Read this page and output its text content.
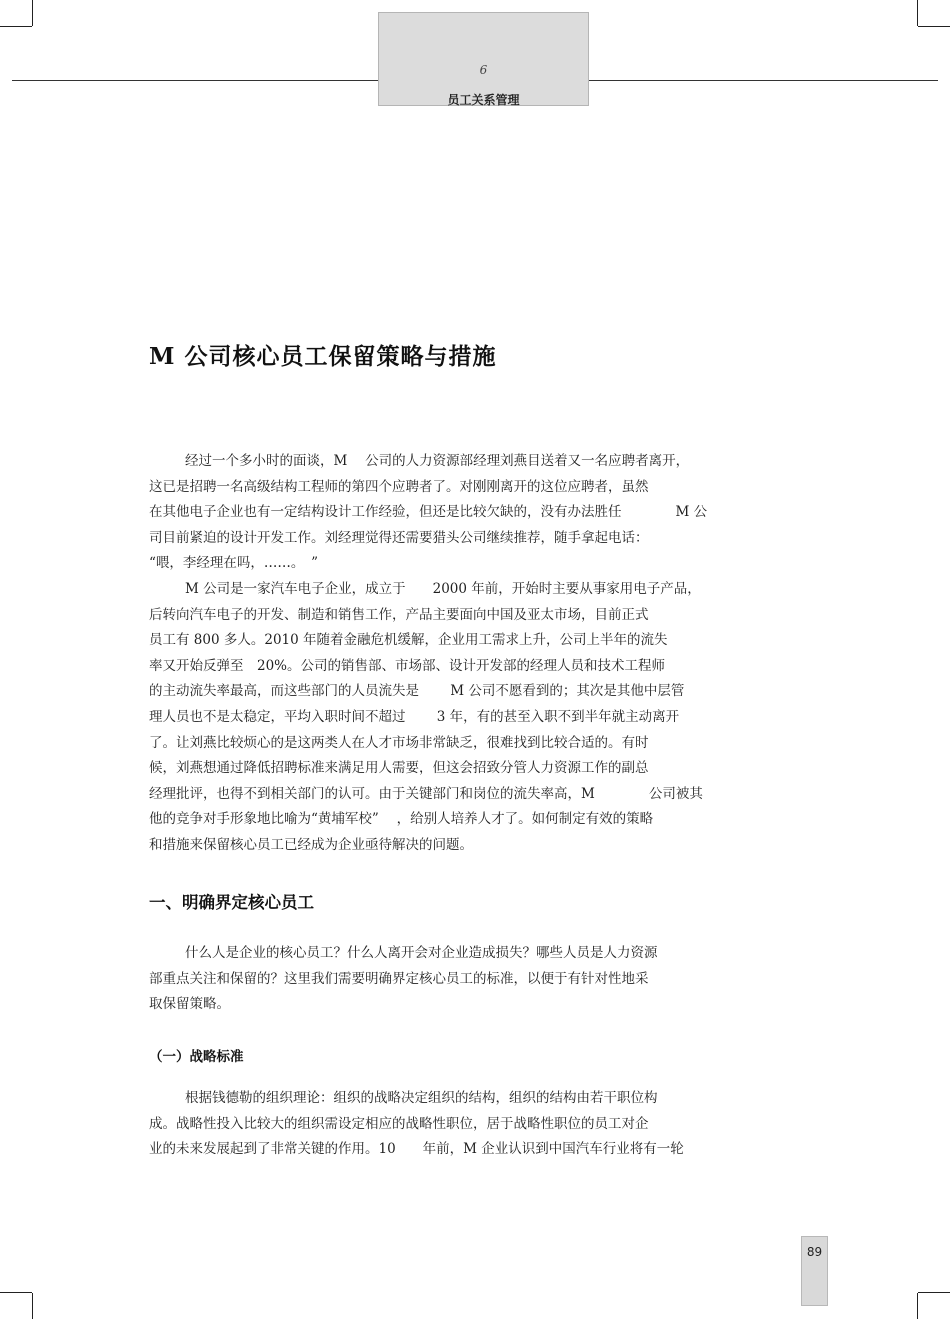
6
员工关系管理
M 公司核心员工保留策略与措施
经过一个多小时的面谈，M　 公司的人力资源部经理刘燕目送着又一名应聘者离开，
这已是招聘一名高级结构工程师的第四个应聘者了。对刚刚离开的这位应聘者，虽然
在其他电子企业也有一定结构设计工作经验，但还是比较欠缺的，没有办法胜任　　　　M 公
司目前紧迫的设计开发工作。刘经理觉得还需要猎头公司继续推荐，随手拿起电话：
“喂，李经理在吗，……。　”
M 公司是一家汽车电子企业，成立于　　2000 年前，开始时主要从事家用电子产品，
后转向汽车电子的开发、制造和销售工作，产品主要面向中国及亚太市场，目前正式
员工有 800 多人。2010 年随着金融危机缓解，企业用工需求上升，公司上半年的流失
率又开始反弹至　20%。公司的销售部、市场部、设计开发部的经理人员和技术工程师
的主动流失率最高，而这些部门的人员流失是　　 M 公司不愿看到的；其次是其他中层管
理人员也不是太稳定，平均入职时间不超过　　 3 年，有的甚至入职不到半年就主动离开
了。让刘燕比较烦心的是这两类人在人才市场非常缺乏，很难找到比较合适的。有时
候，刘燕想通过降低招聘标准来满足用人需要，但这会招致分管人力资源工作的副总
经理批评，也得不到相关部门的认可。由于关键部门和岗位的流失率高，M　　　　公司被其
他的竞争对手形象地比喻为“黄埔军校”　 ，给别人培养人才了。如何制定有效的策略
和措施来保留核心员工已经成为企业亟待解决的问题。
一、明确界定核心员工
什么人是企业的核心员工？什么人离开会对企业造成损失？哪些人员是人力资源
部重点关注和保留的？这里我们需要明确界定核心员工的标准，以便于有针对性地采
取保留策略。
（一）战略标准
根据钱德勒的组织理论：组织的战略决定组织的结构，组织的结构由若干职位构
成。战略性投入比较大的组织需设定相应的战略性职位，居于战略性职位的员工对企
业的未来发展起到了非常关键的作用。10　　年前，M 企业认识到中国汽车行业将有一轮
89
